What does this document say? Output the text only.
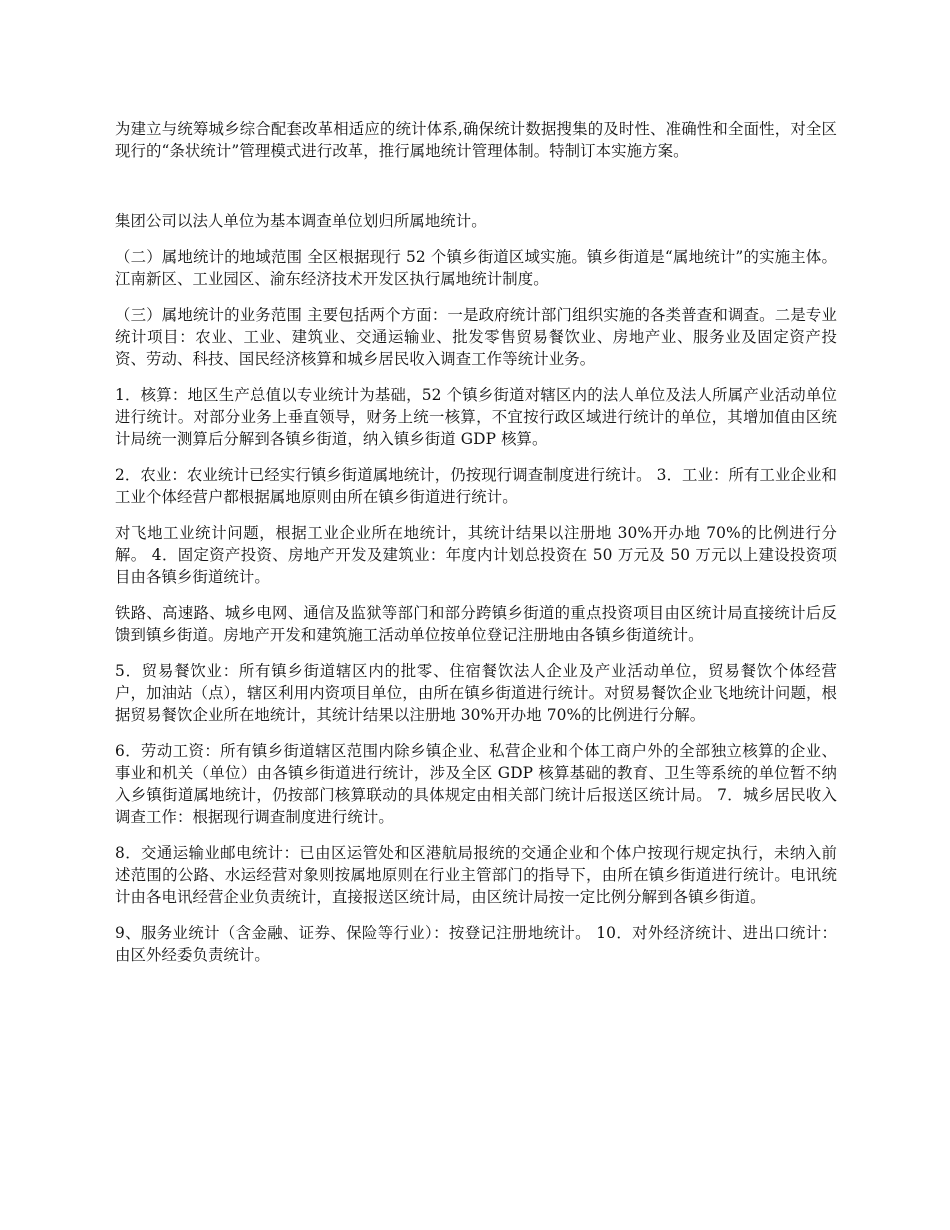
为建立与统筹城乡综合配套改革相适应的统计体系,确保统计数据搜集的及时性、准确性和全面性，对全区现行的“条状统计”管理模式进行改革，推行属地统计管理体制。特制订本实施方案。

集团公司以法人单位为基本调查单位划归所属地统计。

（二）属地统计的地域范围 全区根据现行 52 个镇乡街道区域实施。镇乡街道是“属地统计”的实施主体。江南新区、工业园区、渝东经济技术开发区执行属地统计制度。

（三）属地统计的业务范围 主要包括两个方面：一是政府统计部门组织实施的各类普查和调查。二是专业统计项目：农业、工业、建筑业、交通运输业、批发零售贸易餐饮业、房地产业、服务业及固定资产投资、劳动、科技、国民经济核算和城乡居民收入调查工作等统计业务。

1．核算：地区生产总值以专业统计为基础，52 个镇乡街道对辖区内的法人单位及法人所属产业活动单位进行统计。对部分业务上垂直领导，财务上统一核算，不宜按行政区域进行统计的单位，其增加值由区统计局统一测算后分解到各镇乡街道，纳入镇乡街道 GDP 核算。

2．农业：农业统计已经实行镇乡街道属地统计，仍按现行调查制度进行统计。 3．工业：所有工业企业和工业个体经营户都根据属地原则由所在镇乡街道进行统计。

对飞地工业统计问题，根据工业企业所在地统计，其统计结果以注册地 30%开办地 70%的比例进行分解。 4．固定资产投资、房地产开发及建筑业：年度内计划总投资在 50 万元及 50 万元以上建设投资项目由各镇乡街道统计。

铁路、高速路、城乡电网、通信及监狱等部门和部分跨镇乡街道的重点投资项目由区统计局直接统计后反馈到镇乡街道。房地产开发和建筑施工活动单位按单位登记注册地由各镇乡街道统计。

5．贸易餐饮业：所有镇乡街道辖区内的批零、住宿餐饮法人企业及产业活动单位，贸易餐饮个体经营户，加油站（点），辖区利用内资项目单位，由所在镇乡街道进行统计。对贸易餐饮企业飞地统计问题，根据贸易餐饮企业所在地统计，其统计结果以注册地 30%开办地 70%的比例进行分解。

6．劳动工资：所有镇乡街道辖区范围内除乡镇企业、私营企业和个体工商户外的全部独立核算的企业、事业和机关（单位）由各镇乡街道进行统计，涉及全区 GDP 核算基础的教育、卫生等系统的单位暂不纳入乡镇街道属地统计，仍按部门核算联动的具体规定由相关部门统计后报送区统计局。 7．城乡居民收入调查工作：根据现行调查制度进行统计。

8．交通运输业邮电统计：已由区运管处和区港航局报统的交通企业和个体户按现行规定执行，未纳入前述范围的公路、水运经营对象则按属地原则在行业主管部门的指导下，由所在镇乡街道进行统计。电讯统计由各电讯经营企业负责统计，直接报送区统计局，由区统计局按一定比例分解到各镇乡街道。

9、服务业统计（含金融、证券、保险等行业）：按登记注册地统计。 10．对外经济统计、进出口统计：由区外经委负责统计。
